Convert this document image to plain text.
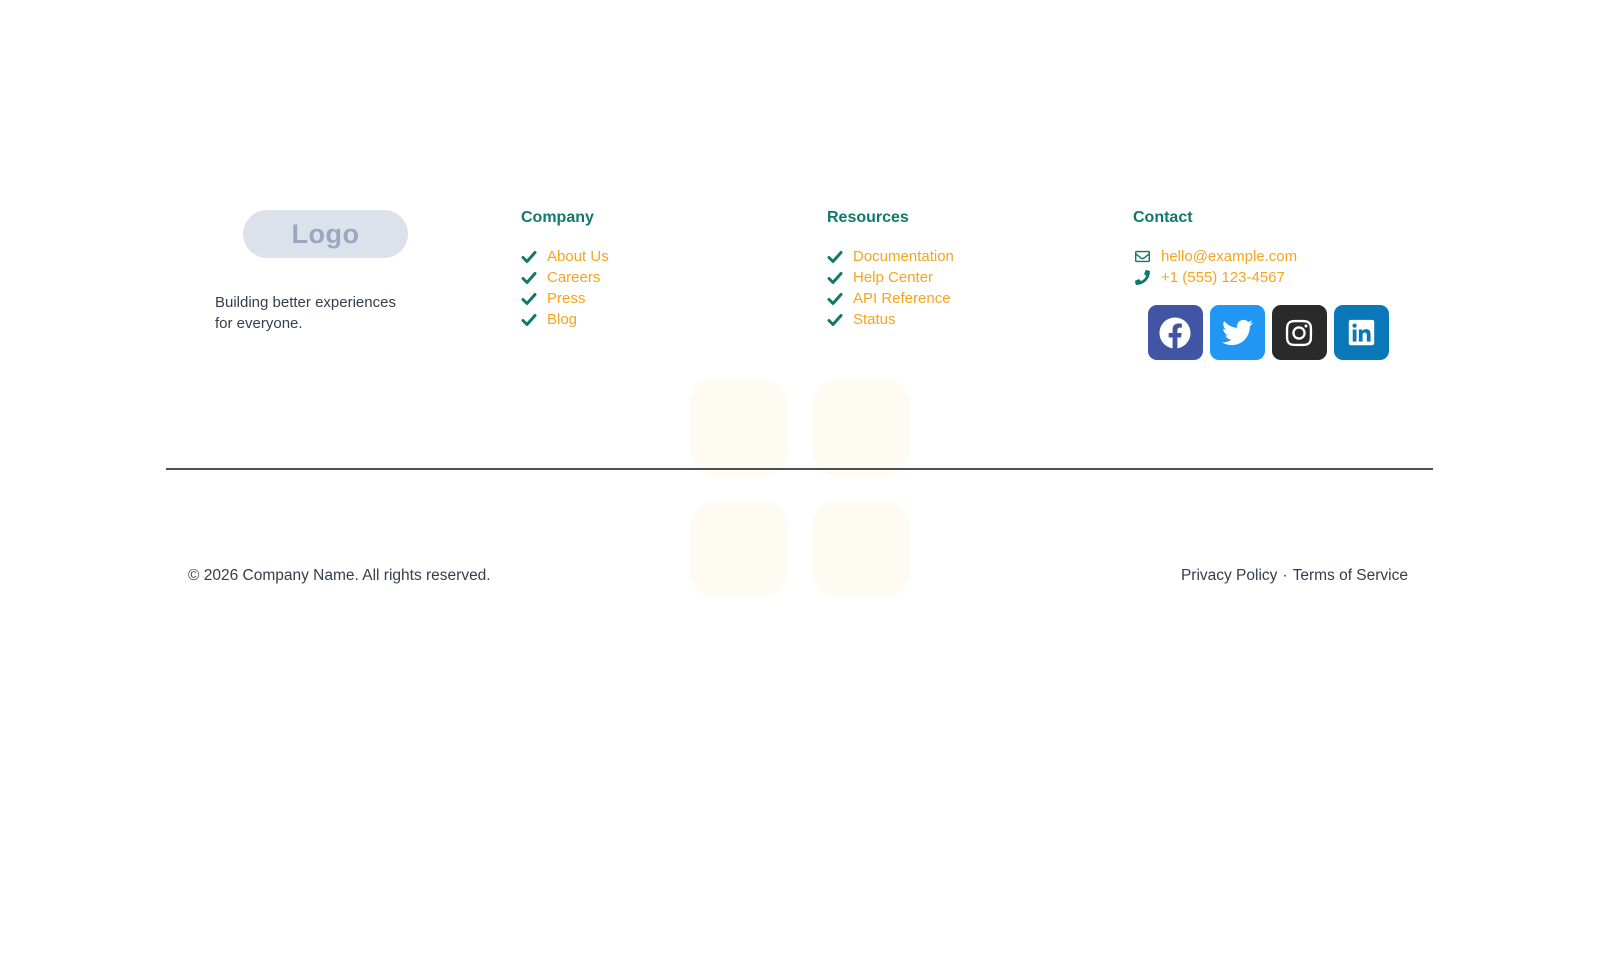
Logo

Building better experiences
for everyone.

Company
About Us
Careers
Press
Blog
Resources
Documentation
Help Center
API Reference
Status
Contact
hello@example.com
+1 (555) 123-4567
© 2026 Company Name. All rights reserved.	Privacy Policy · Terms of Service
